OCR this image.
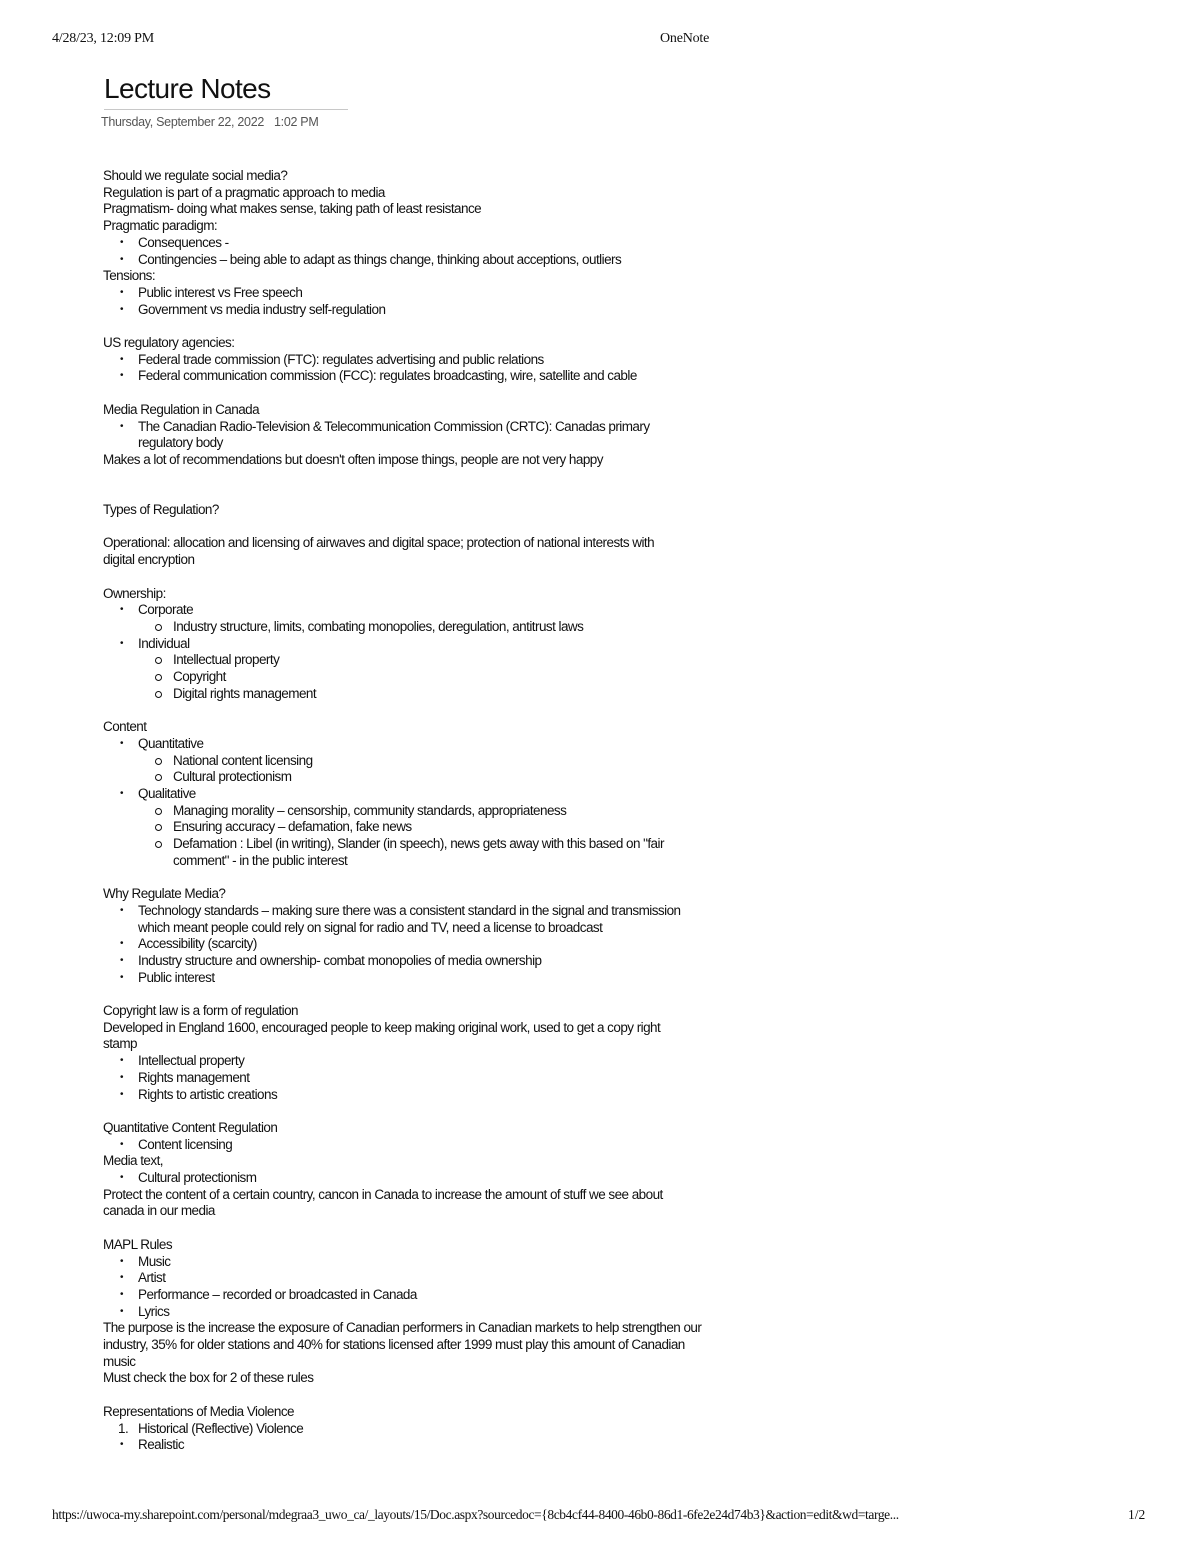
4/28/23, 12:09 PM	OneNote
Lecture Notes
Thursday, September 22, 2022 1:02 PM

Should we regulate social media?

Regulation is part of a pragmatic approach to media

Pragmatism- doing what makes sense, taking path of least resistance

Pragmatic paradigm:

• Consequences -
• Contingencies – being able to adapt as things change, thinking about acceptions, outliers

Tensions:

• Public interest vs Free speech
• Government vs media industry self-regulation

US regulatory agencies:

• Federal trade commission (FTC): regulates advertising and public relations
• Federal communication commission (FCC): regulates broadcasting, wire, satellite and cable

Media Regulation in Canada

• The Canadian Radio-Television & Telecommunication Commission (CRTC): Canadas primary regulatory body

Makes a lot of recommendations but doesn't often impose things, people are not very happy

Types of Regulation?

Operational: allocation and licensing of airwaves and digital space; protection of national interests with digital encryption

Ownership:

• Corporate
Industry structure, limits, combating monopolies, deregulation, antitrust laws
• Individual
Intellectual property
Copyright
Digital rights management

Content

• Quantitative
National content licensing
Cultural protectionism
• Qualitative
Managing morality – censorship, community standards, appropriateness
Ensuring accuracy – defamation, fake news
Defamation : Libel (in writing), Slander (in speech), news gets away with this based on "fair comment" - in the public interest

Why Regulate Media?

• Technology standards – making sure there was a consistent standard in the signal and transmission which meant people could rely on signal for radio and TV, need a license to broadcast
• Accessibility (scarcity)
• Industry structure and ownership- combat monopolies of media ownership
• Public interest

Copyright law is a form of regulation

Developed in England 1600, encouraged people to keep making original work, used to get a copy right stamp

• Intellectual property
• Rights management
• Rights to artistic creations

Quantitative Content Regulation

• Content licensing

Media text,

• Cultural protectionism

Protect the content of a certain country, cancon in Canada to increase the amount of stuff we see about canada in our media

MAPL Rules

• Music
• Artist
• Performance – recorded or broadcasted in Canada
• Lyrics

The purpose is the increase the exposure of Canadian performers in Canadian markets to help strengthen our industry, 35% for older stations and 40% for stations licensed after 1999 must play this amount of Canadian music

Must check the box for 2 of these rules

Representations of Media Violence

1. Historical (Reflective) Violence
• Realistic
https://uwoca-my.sharepoint.com/personal/mdegraa3_uwo_ca/_layouts/15/Doc.aspx?sourcedoc={8cb4cf44-8400-46b0-86d1-6fe2e24d74b3}&action=edit&wd=targe...	1/2
